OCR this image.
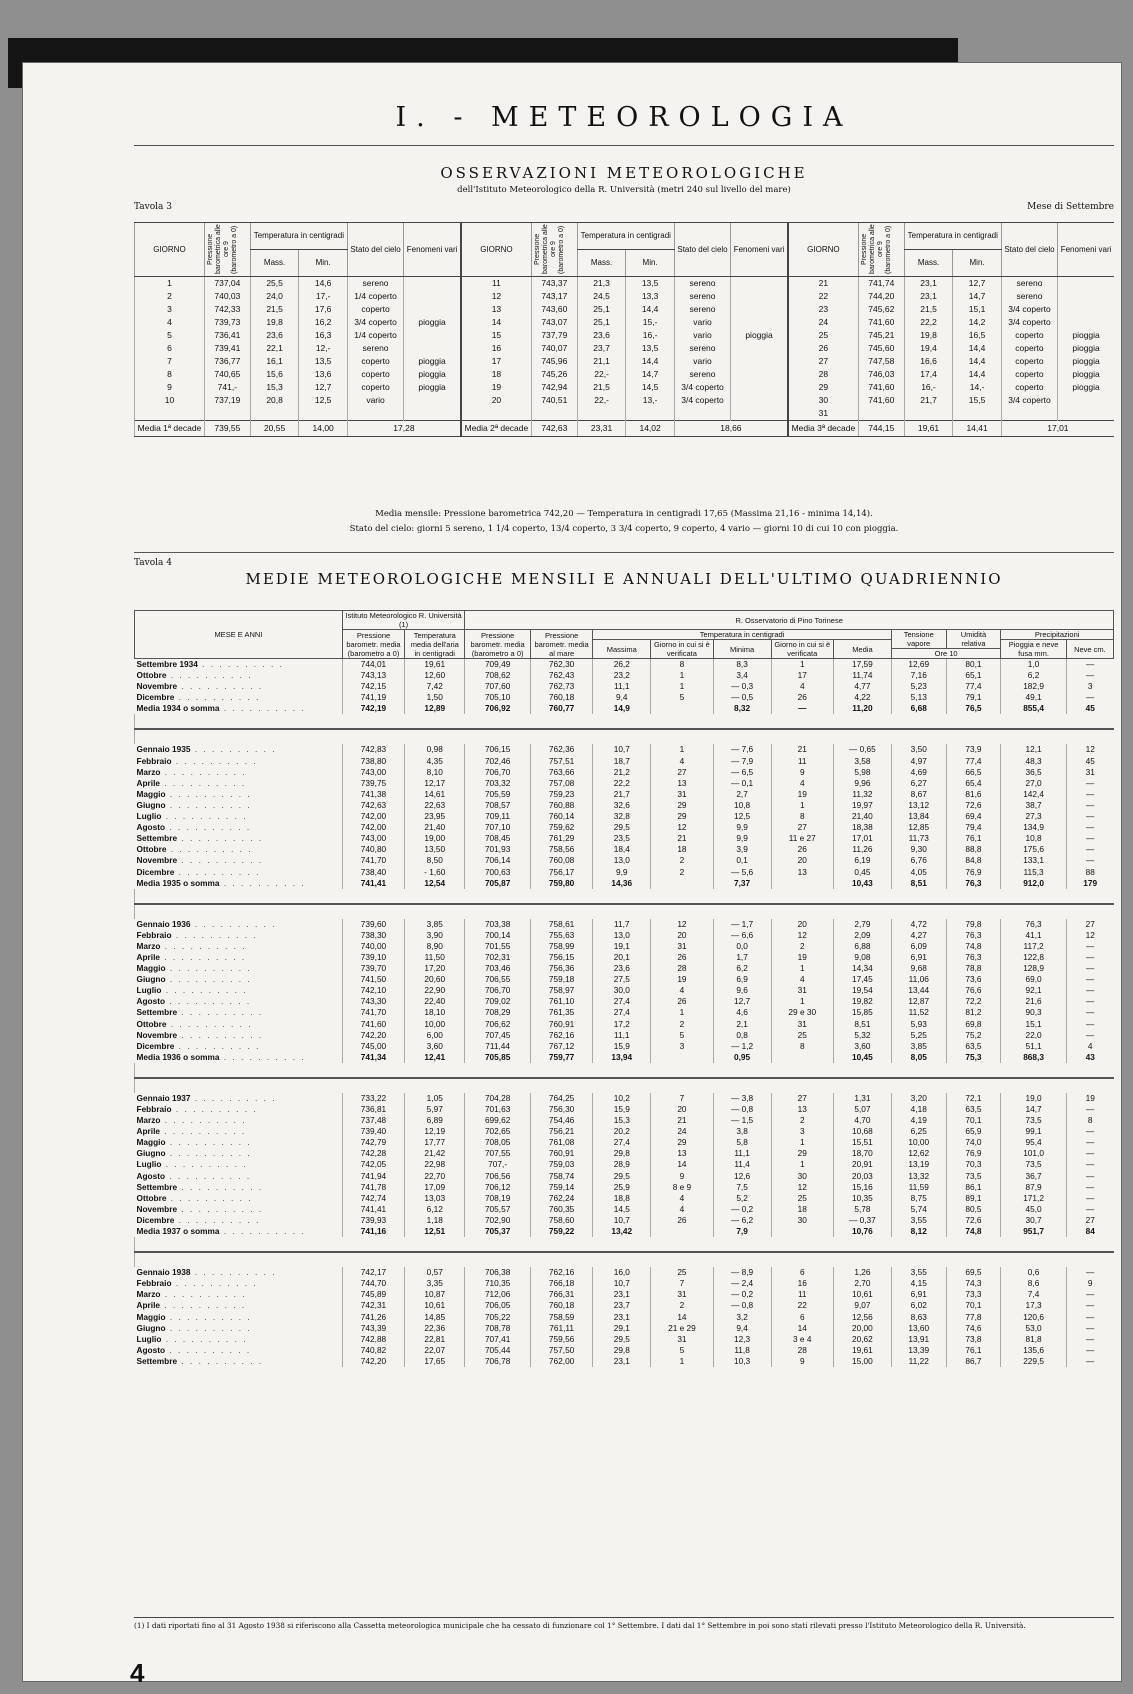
I. - METEOROLOGIA
OSSERVAZIONI METEOROLOGICHE
dell'Istituto Meteorologico della R. Università (metri 240 sul livello del mare)
Tavola 3	Mese di Settembre
GIORNO	Pressione barometrica alle ore 9 (barometro a 0)	Temperatura in centigradi		Stato del cielo	Fenomeni vari	GIORNO	Pressione barometrica alle ore 9 (barometro a 0)	Temperatura in centigradi		Stato del cielo	Fenomeni vari	GIORNO	Pressione barometrica alle ore 9 (barometro a 0)	Temperatura in centigradi		Stato del cielo	Fenomeni vari
		Mass.	Min.					Mass.	Min.					Mass.	Min.		
1	737,04	25,5	14,6	sereno		11	743,37	21,3	13,5	sereno		21	741,74	23,1	12,7	sereno	
2	740,03	24,0	17,-	1/4 coperto		12	743,17	24,5	13,3	sereno		22	744,20	23,1	14,7	sereno	
3	742,33	21,5	17,6	coperto		13	743,60	25,1	14,4	sereno		23	745,62	21,5	15,1	3/4 coperto	
4	739,73	19,8	16,2	3/4 coperto	pioggia	14	743,07	25,1	15,-	vario		24	741,60	22,2	14,2	3/4 coperto	
5	736,41	23,6	16,3	1/4 coperto		15	737,79	23,6	16,-	vario	pioggia	25	745,21	19,8	16,5	coperto	pioggia
6	739,41	22,1	12,-	sereno		16	740,07	23,7	13,5	sereno		26	745,60	19,4	14,4	coperto	pioggia
7	736,77	16,1	13,5	coperto	pioggia	17	745,96	21,1	14,4	vario		27	747,58	16,6	14,4	coperto	pioggia
8	740,65	15,6	13,6	coperto	pioggia	18	745,26	22,-	14,7	sereno		28	746,03	17,4	14,4	coperto	pioggia
9	741,-	15,3	12,7	coperto	pioggia	19	742,94	21,5	14,5	3/4 coperto		29	741,60	16,-	14,-	coperto	pioggia
10	737,19	20,8	12,5	vario		20	740,51	22,-	13,-	3/4 coperto		30	741,60	21,7	15,5	3/4 coperto	
												31					
Media 1ª decade	739,55	20,55	14,00	17,28		Media 2ª decade	742,63	23,31	14,02	18,66		Media 3ª decade	744,15	19,61	14,41	17,01	
Media mensile: Pressione barometrica 742,20 — Temperatura in centigradi 17,65 (Massima 21,16 - minima 14,14).
Stato del cielo: giorni 5 sereno, 1 1/4 coperto, 13/4 coperto, 3 3/4 coperto, 9 coperto, 4 vario — giorni 10 di cui 10 con pioggia.
Tavola 4
MEDIE METEOROLOGICHE MENSILI E ANNUALI DELL'ULTIMO QUADRIENNIO
MESE E ANNI	Istituto Meteorologico R. Università (1)		R. Osservatorio di Pino Torinese										
	Pressione barometr. media (barometro a 0)	Temperatura media dell'aria in centigradi	Pressione barometr. media (barometro a 0)	Pressione barometr. media al mare	Temperatura in centigradi					Tensione vapore	Umidità relativa	Precipitazioni	
					Massima	Giorno in cui si è verificata	Minima	Giorno in cui si è verificata	Media			Pioggia e neve fusa mm.	Neve cm.
										Ore 10			
Settembre 1934 . . . . . . . . . .	744,01	19,61	709,49	762,30	26,2	8	8,3	1	17,59	12,69	80,1	1,0	—
Ottobre . . . . . . . . . .	743,13	12,60	708,62	762,43	23,2	1	3,4	17	11,74	7,16	65,1	6,2	—
Novembre . . . . . . . . . .	742,15	7,42	707,60	762,73	11,1	1	— 0,3	4	4,77	5,23	77,4	182,9	3
Dicembre . . . . . . . . . .	741,19	1,50	705,10	760,18	9,4	5	— 0,5	26	4,22	5,13	79,1	49,1	—
Media 1934 o somma . . . . . . . . . .	742,19	12,89	706,92	760,77	14,9		8,32	—	11,20	6,68	76,5	855,4	45

Gennaio 1935 . . . . . . . . . .	742,83	0,98	706,15	762,36	10,7	1	— 7,6	21	— 0,65	3,50	73,9	12,1	12
Febbraio . . . . . . . . . .	738,80	4,35	702,46	757,51	18,7	4	— 7,9	11	3,58	4,97	77,4	48,3	45
Marzo . . . . . . . . . .	743,00	8,10	706,70	763,66	21,2	27	— 6,5	9	5,98	4,69	66,5	36,5	31
Aprile . . . . . . . . . .	739,75	12,17	703,32	757,08	22,2	13	— 0,1	4	9,96	6,27	65,4	27,0	—
Maggio . . . . . . . . . .	741,38	14,61	705,59	759,23	21,7	31	2,7	19	11,32	8,67	81,6	142,4	—
Giugno . . . . . . . . . .	742,63	22,63	708,57	760,88	32,6	29	10,8	1	19,97	13,12	72,6	38,7	—
Luglio . . . . . . . . . .	742,00	23,95	709,11	760,14	32,8	29	12,5	8	21,40	13,84	69,4	27,3	—
Agosto . . . . . . . . . .	742,00	21,40	707,10	759,62	29,5	12	9,9	27	18,38	12,85	79,4	134,9	—
Settembre . . . . . . . . . .	743,00	19,00	708,45	761,29	23,5	21	9,9	11 e 27	17,01	11,73	76,1	10,8	—
Ottobre . . . . . . . . . .	740,80	13,50	701,93	758,56	18,4	18	3,9	26	11,26	9,30	88,8	175,6	—
Novembre . . . . . . . . . .	741,70	8,50	706,14	760,08	13,0	2	0,1	20	6,19	6,76	84,8	133,1	—
Dicembre . . . . . . . . . .	738,40	- 1,60	700,63	756,17	9,9	2	— 5,6	13	0,45	4,05	76,9	115,3	88
Media 1935 o somma . . . . . . . . . .	741,41	12,54	705,87	759,80	14,36		7,37		10,43	8,51	76,3	912,0	179

Gennaio 1936 . . . . . . . . . .	739,60	3,85	703,38	758,61	11,7	12	— 1,7	20	2,79	4,72	79,8	76,3	27
Febbraio . . . . . . . . . .	738,30	3,90	700,14	755,63	13,0	20	— 6,6	12	2,09	4,27	76,3	41,1	12
Marzo . . . . . . . . . .	740,00	8,90	701,55	758,99	19,1	31	0,0	2	6,88	6,09	74,8	117,2	—
Aprile . . . . . . . . . .	739,10	11,50	702,31	756,15	20,1	26	1,7	19	9,08	6,91	76,3	122,8	—
Maggio . . . . . . . . . .	739,70	17,20	703,46	756,36	23,6	28	6,2	1	14,34	9,68	78,8	128,9	—
Giugno . . . . . . . . . .	741,50	20,60	706,55	759,18	27,5	19	6,9	4	17,45	11,06	73,6	69,0	—
Luglio . . . . . . . . . .	742,10	22,90	706,70	758,97	30,0	4	9,6	31	19,54	13,44	76,6	92,1	—
Agosto . . . . . . . . . .	743,30	22,40	709,02	761,10	27,4	26	12,7	1	19,82	12,87	72,2	21,6	—
Settembre . . . . . . . . . .	741,70	18,10	708,29	761,35	27,4	1	4,6	29 e 30	15,85	11,52	81,2	90,3	—
Ottobre . . . . . . . . . .	741,60	10,00	706,62	760,91	17,2	2	2,1	31	8,51	5,93	69,8	15,1	—
Novembre . . . . . . . . . .	742,20	6,00	707,45	762,16	11,1	5	0,8	25	5,32	5,25	75,2	22,0	—
Dicembre . . . . . . . . . .	745,00	3,60	711,44	767,12	15,9	3	— 1,2	8	3,60	3,85	63,5	51,1	4
Media 1936 o somma . . . . . . . . . .	741,34	12,41	705,85	759,77	13,94		0,95		10,45	8,05	75,3	868,3	43

Gennaio 1937 . . . . . . . . . .	733,22	1,05	704,28	764,25	10,2	7	— 3,8	27	1,31	3,20	72,1	19,0	19
Febbraio . . . . . . . . . .	736,81	5,97	701,63	756,30	15,9	20	— 0,8	13	5,07	4,18	63,5	14,7	—
Marzo . . . . . . . . . .	737,48	6,89	699,62	754,46	15,3	21	— 1,5	2	4,70	4,19	70,1	73,5	8
Aprile . . . . . . . . . .	739,40	12,19	702,65	756,21	20,2	24	3,8	3	10,68	6,25	65,9	99,1	—
Maggio . . . . . . . . . .	742,79	17,77	708,05	761,08	27,4	29	5,8	1	15,51	10,00	74,0	95,4	—
Giugno . . . . . . . . . .	742,28	21,42	707,55	760,91	29,8	13	11,1	29	18,70	12,62	76,9	101,0	—
Luglio . . . . . . . . . .	742,05	22,98	707,-	759,03	28,9	14	11,4	1	20,91	13,19	70,3	73,5	—
Agosto . . . . . . . . . .	741,94	22,70	706,56	758,74	29,5	9	12,6	30	20,03	13,32	73,5	36,7	—
Settembre . . . . . . . . . .	741,78	17,09	706,12	759,14	25,9	8 e 9	7,5	12	15,16	11,59	86,1	87,9	—
Ottobre . . . . . . . . . .	742,74	13,03	708,19	762,24	18,8	4	5,2	25	10,35	8,75	89,1	171,2	—
Novembre . . . . . . . . . .	741,41	6,12	705,57	760,35	14,5	4	— 0,2	18	5,78	5,74	80,5	45,0	—
Dicembre . . . . . . . . . .	739,93	1,18	702,90	758,60	10,7	26	— 6,2	30	— 0,37	3,55	72,6	30,7	27
Media 1937 o somma . . . . . . . . . .	741,16	12,51	705,37	759,22	13,42		7,9		10,76	8,12	74,8	951,7	84

Gennaio 1938 . . . . . . . . . .	742,17	0,57	706,38	762,16	16,0	25	— 8,9	6	1,26	3,55	69,5	0,6	—
Febbraio . . . . . . . . . .	744,70	3,35	710,35	766,18	10,7	7	— 2,4	16	2,70	4,15	74,3	8,6	9
Marzo . . . . . . . . . .	745,89	10,87	712,06	766,31	23,1	31	— 0,2	11	10,61	6,91	73,3	7,4	—
Aprile . . . . . . . . . .	742,31	10,61	706,05	760,18	23,7	2	— 0,8	22	9,07	6,02	70,1	17,3	—
Maggio . . . . . . . . . .	741,26	14,85	705,22	758,59	23,1	14	3,2	6	12,56	8,63	77,8	120,6	—
Giugno . . . . . . . . . .	743,39	22,36	708,78	761,11	29,1	21 e 29	9,4	14	20,00	13,60	74,6	53,0	—
Luglio . . . . . . . . . .	742,88	22,81	707,41	759,56	29,5	31	12,3	3 e 4	20,62	13,91	73,8	81,8	—
Agosto . . . . . . . . . .	740,82	22,07	705,44	757,50	29,8	5	11,8	28	19,61	13,39	76,1	135,6	—
Settembre . . . . . . . . . .	742,20	17,65	706,78	762,00	23,1	1	10,3	9	15,00	11,22	86,7	229,5	—
(1) I dati riportati fino al 31 Agosto 1938 si riferiscono alla Cassetta meteorologica municipale che ha cessato di funzionare col 1° Settembre. I dati dal 1° Settembre in poi sono stati rilevati presso l'Istituto Meteorologico della R. Università.
4
